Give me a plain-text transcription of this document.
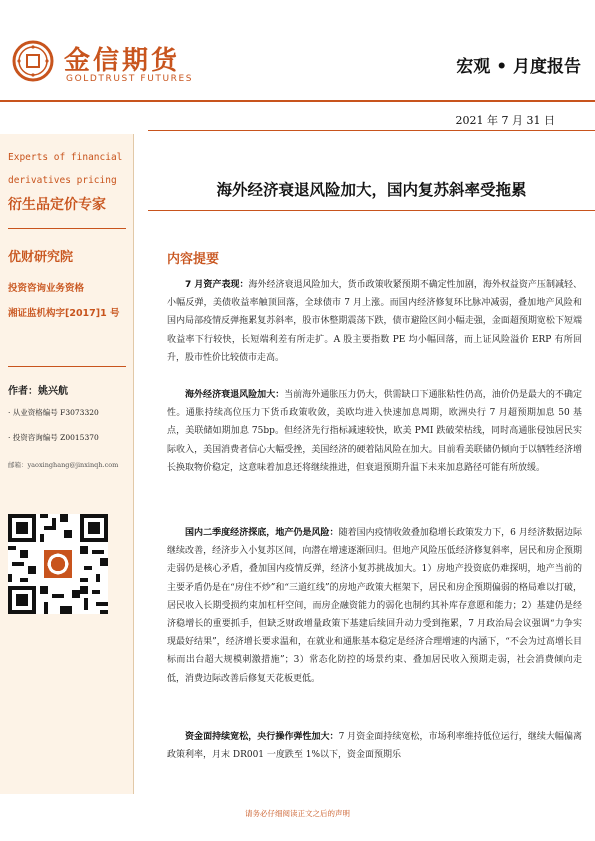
金信期货
GOLDTRUST FUTURES
宏观 • 月度报告
2021 年 7 月 31 日
Experts of financial derivatives pricing
衍生品定价专家
优财研究院
投资咨询业务资格
湘证监机构字[2017]1 号
作者：姚兴航
· 从业资格编号 F3073320
· 投资咨询编号 Z0015370
邮箱：yaoxinghang@jinxinqh.com
海外经济衰退风险加大，国内复苏斜率受拖累
内容提要
7 月资产表现：海外经济衰退风险加大，货币政策收紧预期不确定性加剧，海外权益资产压制减轻、小幅反弹，美债收益率触顶回落，全球债市 7 月上涨。而国内经济修复环比脉冲减弱，叠加地产风险和国内局部疫情反弹拖累复苏斜率，股市休整期震荡下跌，债市避险区间小幅走强，金面超预期宽松下短端收益率下行较快，长短端利差有所走扩。A 股主要指数 PE 均小幅回落，而上证风险溢价 ERP 有所回升，股市性价比较债市走高。
海外经济衰退风险加大：当前海外通胀压力仍大，供需缺口下通胀粘性仍高，油价仍是最大的不确定性。通胀持续高位压力下货币政策收敛，美欧均进入快速加息周期，欧洲央行 7 月超预期加息 50 基点，美联储如期加息 75bp。但经济先行指标减速较快，欧美 PMI 跌破荣枯线，同时高通胀侵蚀居民实际收入，美国消费者信心大幅受挫，美国经济的硬着陆风险在加大。目前看美联储仍倾向于以牺牲经济增长换取物价稳定，这意味着加息还将继续推进，但衰退预期升温下未来加息路径可能有所放缓。
国内二季度经济探底，地产仍是风险：随着国内疫情收敛叠加稳增长政策发力下，6 月经济数据边际继续改善，经济步入小复苏区间，向潜在增速逐渐回归。但地产风险压低经济修复斜率，居民和房企预期走弱仍是核心矛盾，叠加国内疫情反弹，经济小复苏挑战加大。1）房地产投资底仍难探明，地产当前的主要矛盾仍是在“房住不炒”和“三道红线”的房地产政策大框架下，居民和房企预期偏弱的格局难以打破，居民收入长期受损约束加杠杆空间，而房企融资能力的弱化也制约其补库存意愿和能力；2）基建仍是经济稳增长的重要抓手，但缺乏财政增量政策下基建后续回升动力受到拖累，7 月政治局会议强调“力争实现最好结果”，经济增长要求温和，在就业和通胀基本稳定是经济合理增速的内涵下，“不会为过高增长目标而出台超大规模刺激措施”；3）常态化防控的场景约束、叠加居民收入预期走弱，社会消费倾向走低，消费边际改善后修复天花板更低。
资金面持续宽松，央行操作弹性加大：7 月资金面持续宽松，市场利率维持低位运行，继续大幅偏离政策利率，月末 DR001 一度跌至 1%以下，资金面预期乐
请务必仔细阅读正文之后的声明
